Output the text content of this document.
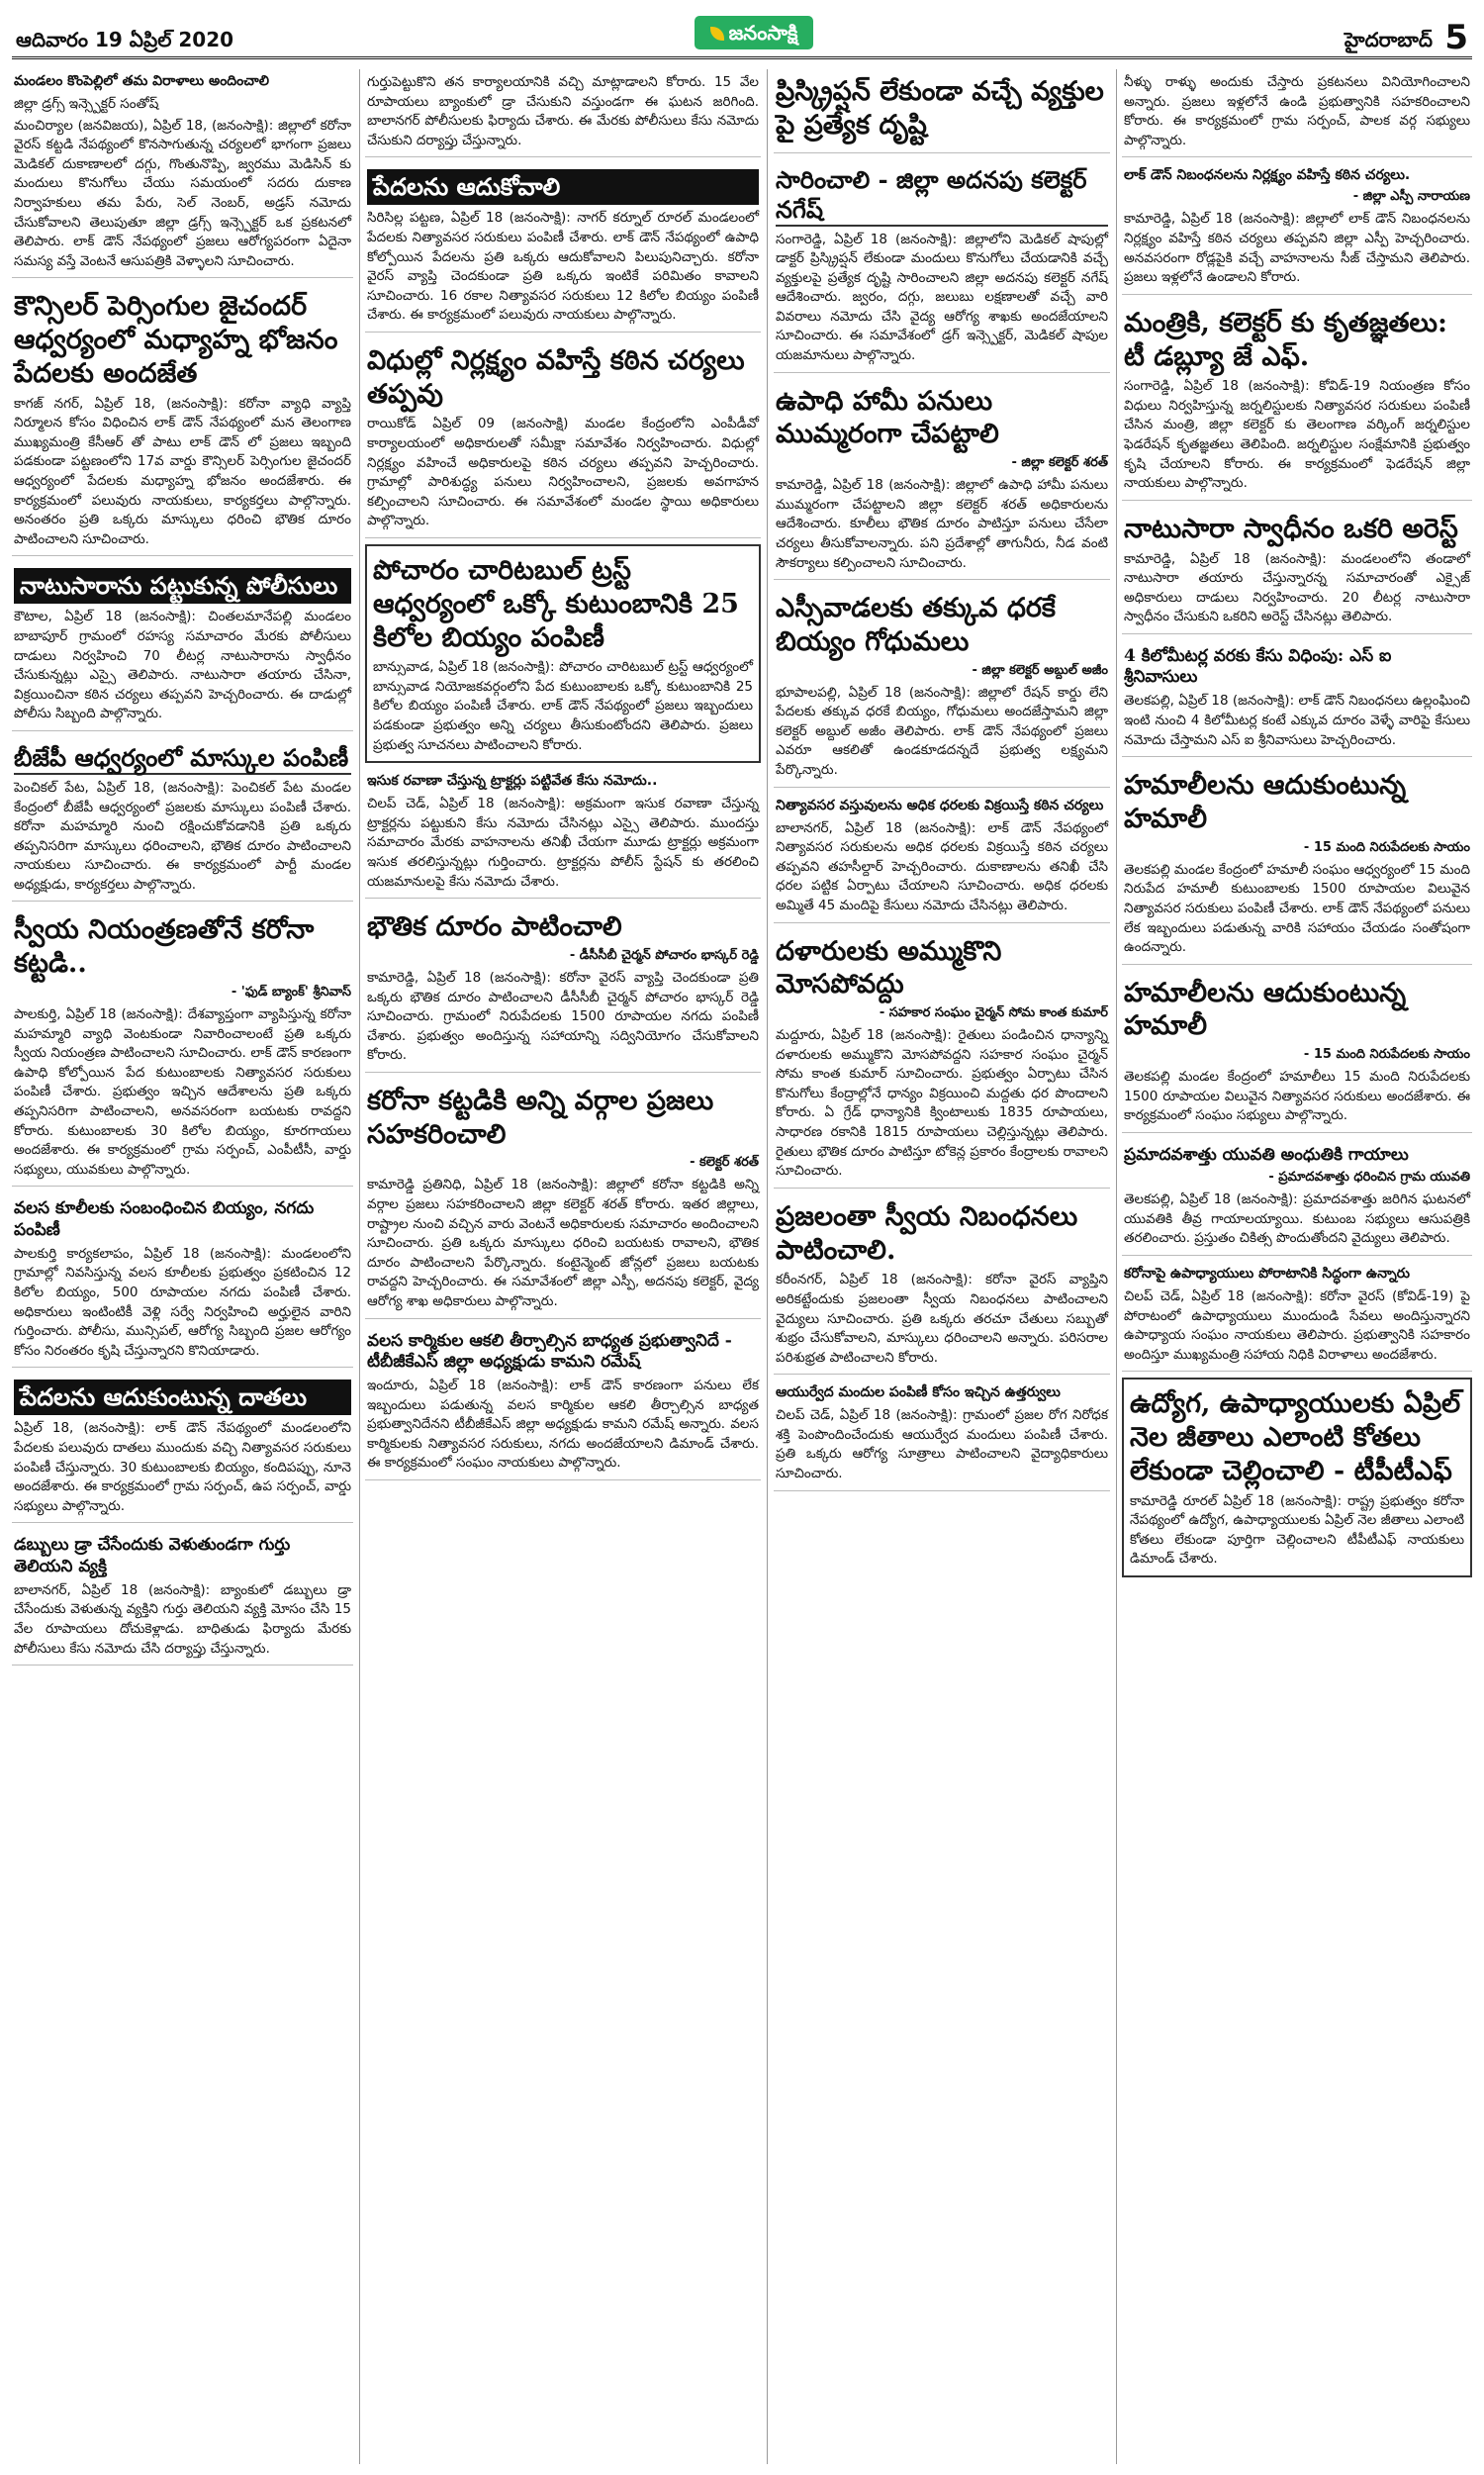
ఆదివారం 19 ఏప్రిల్ 2020	జనంసాక్షి	హైదరాబాద్ 5
మండలం కొంపెల్లిలో తమ విరాళాలు అందించాలి

జిల్లా డ్రగ్స్ ఇన్స్పెక్టర్ సంతోష్

మంచిర్యాల (జనవిజయ), ఏప్రిల్ 18, (జనంసాక్షి): జిల్లాలో కరోనా వైరస్ కట్టడి నేపథ్యంలో కొనసాగుతున్న చర్యలలో భాగంగా ప్రజలు మెడికల్ దుకాణాలలో దగ్గు, గొంతునొప్పి, జ్వరము మెడిసిన్ కు మందులు కొనుగోలు చేయు సమయంలో సదరు దుకాణ నిర్వాహకులు తమ పేరు, సెల్ నెంబర్, అడ్రస్ నమోదు చేసుకోవాలని తెలుపుతూ జిల్లా డ్రగ్స్ ఇన్స్పెక్టర్ ఒక ప్రకటనలో తెలిపారు. లాక్ డౌన్ నేపథ్యంలో ప్రజలు ఆరోగ్యపరంగా ఏదైనా సమస్య వస్తే వెంటనే ఆసుపత్రికి వెళ్ళాలని సూచించారు.

కౌన్సిలర్ పెర్సింగుల జైచందర్ ఆధ్వర్యంలో మధ్యాహ్న భోజనం పేదలకు అందజేత

కాగజ్ నగర్, ఏప్రిల్ 18, (జనంసాక్షి): కరోనా వ్యాధి వ్యాప్తి నిర్మూలన కోసం విధించిన లాక్ డౌన్ నేపథ్యంలో మన తెలంగాణ ముఖ్యమంత్రి కేసీఆర్ తో పాటు లాక్ డౌన్ లో ప్రజలు ఇబ్బంది పడకుండా పట్టణంలోని 17వ వార్డు కౌన్సిలర్ పెర్సింగుల జైచందర్ ఆధ్వర్యంలో పేదలకు మధ్యాహ్న భోజనం అందజేశారు. ఈ కార్యక్రమంలో పలువురు నాయకులు, కార్యకర్తలు పాల్గొన్నారు. అనంతరం ప్రతి ఒక్కరు మాస్కులు ధరించి భౌతిక దూరం పాటించాలని సూచించారు.

నాటుసారాను పట్టుకున్న పోలీసులు

కౌటాల, ఏప్రిల్ 18 (జనంసాక్షి): చింతలమానేపల్లి మండలం బాబాపూర్ గ్రామంలో రహస్య సమాచారం మేరకు పోలీసులు దాడులు నిర్వహించి 70 లీటర్ల నాటుసారాను స్వాధీనం చేసుకున్నట్లు ఎస్సై తెలిపారు. నాటుసారా తయారు చేసినా, విక్రయించినా కఠిన చర్యలు తప్పవని హెచ్చరించారు. ఈ దాడుల్లో పోలీసు సిబ్బంది పాల్గొన్నారు.

బీజేపీ ఆధ్వర్యంలో మాస్కుల పంపిణీ

పెంచికల్ పేట, ఏప్రిల్ 18, (జనంసాక్షి): పెంచికల్ పేట మండల కేంద్రంలో బీజేపీ ఆధ్వర్యంలో ప్రజలకు మాస్కులు పంపిణీ చేశారు. కరోనా మహమ్మారి నుంచి రక్షించుకోవడానికి ప్రతి ఒక్కరు తప్పనిసరిగా మాస్కులు ధరించాలని, భౌతిక దూరం పాటించాలని నాయకులు సూచించారు. ఈ కార్యక్రమంలో పార్టీ మండల అధ్యక్షుడు, కార్యకర్తలు పాల్గొన్నారు.

స్వీయ నియంత్రణతోనే కరోనా కట్టడి..
- 'ఫుడ్ బ్యాంక్' శ్రీనివాస్

పాలకుర్తి, ఏప్రిల్ 18 (జనంసాక్షి): దేశవ్యాప్తంగా వ్యాపిస్తున్న కరోనా మహమ్మారి వ్యాధి వెంటకుండా నివారించాలంటే ప్రతి ఒక్కరు స్వీయ నియంత్రణ పాటించాలని సూచించారు. లాక్ డౌన్ కారణంగా ఉపాధి కోల్పోయిన పేద కుటుంబాలకు నిత్యావసర సరుకులు పంపిణీ చేశారు. ప్రభుత్వం ఇచ్చిన ఆదేశాలను ప్రతి ఒక్కరు తప్పనిసరిగా పాటించాలని, అనవసరంగా బయటకు రావద్దని కోరారు. కుటుంబాలకు 30 కిలోల బియ్యం, కూరగాయలు అందజేశారు. ఈ కార్యక్రమంలో గ్రామ సర్పంచ్, ఎంపీటీసీ, వార్డు సభ్యులు, యువకులు పాల్గొన్నారు.

వలస కూలీలకు సంబంధించిన బియ్యం, నగదు పంపిణీ

పాలకుర్తి కార్యకలాపం, ఏప్రిల్ 18 (జనంసాక్షి): మండలంలోని గ్రామాల్లో నివసిస్తున్న వలస కూలీలకు ప్రభుత్వం ప్రకటించిన 12 కిలోల బియ్యం, 500 రూపాయల నగదు పంపిణీ చేశారు. అధికారులు ఇంటింటికీ వెళ్లి సర్వే నిర్వహించి అర్హులైన వారిని గుర్తించారు. పోలీసు, మున్సిపల్, ఆరోగ్య సిబ్బంది ప్రజల ఆరోగ్యం కోసం నిరంతరం కృషి చేస్తున్నారని కొనియాడారు.

పేదలను ఆదుకుంటున్న దాతలు

ఏప్రిల్ 18, (జనంసాక్షి): లాక్ డౌన్ నేపథ్యంలో మండలంలోని పేదలకు పలువురు దాతలు ముందుకు వచ్చి నిత్యావసర సరుకులు పంపిణీ చేస్తున్నారు. 30 కుటుంబాలకు బియ్యం, కందిపప్పు, నూనె అందజేశారు. ఈ కార్యక్రమంలో గ్రామ సర్పంచ్, ఉప సర్పంచ్, వార్డు సభ్యులు పాల్గొన్నారు.

డబ్బులు డ్రా చేసేందుకు వెళుతుండగా గుర్తు తెలియని వ్యక్తి

బాలానగర్, ఏప్రిల్ 18 (జనంసాక్షి): బ్యాంకులో డబ్బులు డ్రా చేసేందుకు వెళుతున్న వ్యక్తిని గుర్తు తెలియని వ్యక్తి మోసం చేసి 15 వేల రూపాయలు దోచుకెళ్లాడు. బాధితుడు ఫిర్యాదు మేరకు పోలీసులు కేసు నమోదు చేసి దర్యాప్తు చేస్తున్నారు.

గుర్తుపెట్టుకొని తన కార్యాలయానికి వచ్చి మాట్లాడాలని కోరారు. 15 వేల రూపాయలు బ్యాంకులో డ్రా చేసుకుని వస్తుండగా ఈ ఘటన జరిగింది. బాలానగర్ పోలీసులకు ఫిర్యాదు చేశారు. ఈ మేరకు పోలీసులు కేసు నమోదు చేసుకుని దర్యాప్తు చేస్తున్నారు.

పేదలను ఆదుకోవాలి

సిరిసిల్ల పట్టణ, ఏప్రిల్ 18 (జనంసాక్షి): నాగర్ కర్నూల్ రూరల్ మండలంలో పేదలకు నిత్యావసర సరుకులు పంపిణీ చేశారు. లాక్ డౌన్ నేపథ్యంలో ఉపాధి కోల్పోయిన పేదలను ప్రతి ఒక్కరు ఆదుకోవాలని పిలుపునిచ్చారు. కరోనా వైరస్ వ్యాప్తి చెందకుండా ప్రతి ఒక్కరు ఇంటికే పరిమితం కావాలని సూచించారు. 16 రకాల నిత్యావసర సరుకులు 12 కిలోల బియ్యం పంపిణీ చేశారు. ఈ కార్యక్రమంలో పలువురు నాయకులు పాల్గొన్నారు.

విధుల్లో నిర్లక్ష్యం వహిస్తే కఠిన చర్యలు తప్పవు

రాయికోడ్ ఏప్రిల్ 09 (జనంసాక్షి) మండల కేంద్రంలోని ఎంపీడీవో కార్యాలయంలో అధికారులతో సమీక్షా సమావేశం నిర్వహించారు. విధుల్లో నిర్లక్ష్యం వహించే అధికారులపై కఠిన చర్యలు తప్పవని హెచ్చరించారు. గ్రామాల్లో పారిశుద్ధ్య పనులు నిర్వహించాలని, ప్రజలకు అవగాహన కల్పించాలని సూచించారు. ఈ సమావేశంలో మండల స్థాయి అధికారులు పాల్గొన్నారు.

పోచారం చారిటబుల్ ట్రస్ట్ ఆధ్వర్యంలో ఒక్కో కుటుంబానికి 25 కిలోల బియ్యం పంపిణీ

బాన్సువాడ, ఏప్రిల్ 18 (జనంసాక్షి): పోచారం చారిటబుల్ ట్రస్ట్ ఆధ్వర్యంలో బాన్సువాడ నియోజకవర్గంలోని పేద కుటుంబాలకు ఒక్కో కుటుంబానికి 25 కిలోల బియ్యం పంపిణీ చేశారు. లాక్ డౌన్ నేపథ్యంలో ప్రజలు ఇబ్బందులు పడకుండా ప్రభుత్వం అన్ని చర్యలు తీసుకుంటోందని తెలిపారు. ప్రజలు ప్రభుత్వ సూచనలు పాటించాలని కోరారు.

ఇసుక రవాణా చేస్తున్న ట్రాక్టర్లు పట్టివేత కేసు నమోదు..

చిలప్ చెడ్, ఏప్రిల్ 18 (జనంసాక్షి): అక్రమంగా ఇసుక రవాణా చేస్తున్న ట్రాక్టర్లను పట్టుకుని కేసు నమోదు చేసినట్లు ఎస్సై తెలిపారు. ముందస్తు సమాచారం మేరకు వాహనాలను తనిఖీ చేయగా మూడు ట్రాక్టర్లు అక్రమంగా ఇసుక తరలిస్తున్నట్లు గుర్తించారు. ట్రాక్టర్లను పోలీస్ స్టేషన్ కు తరలించి యజమానులపై కేసు నమోదు చేశారు.

భౌతిక దూరం పాటించాలి
- డీసీసీబీ చైర్మన్ పోచారం భాస్కర్ రెడ్డి

కామారెడ్డి, ఏప్రిల్ 18 (జనంసాక్షి): కరోనా వైరస్ వ్యాప్తి చెందకుండా ప్రతి ఒక్కరు భౌతిక దూరం పాటించాలని డీసీసీబీ చైర్మన్ పోచారం భాస్కర్ రెడ్డి సూచించారు. గ్రామంలో నిరుపేదలకు 1500 రూపాయల నగదు పంపిణీ చేశారు. ప్రభుత్వం అందిస్తున్న సహాయాన్ని సద్వినియోగం చేసుకోవాలని కోరారు.

కరోనా కట్టడికి అన్ని వర్గాల ప్రజలు సహకరించాలి
- కలెక్టర్ శరత్

కామారెడ్డి ప్రతినిధి, ఏప్రిల్ 18 (జనంసాక్షి): జిల్లాలో కరోనా కట్టడికి అన్ని వర్గాల ప్రజలు సహకరించాలని జిల్లా కలెక్టర్ శరత్ కోరారు. ఇతర జిల్లాలు, రాష్ట్రాల నుంచి వచ్చిన వారు వెంటనే అధికారులకు సమాచారం అందించాలని సూచించారు. ప్రతి ఒక్కరు మాస్కులు ధరించి బయటకు రావాలని, భౌతిక దూరం పాటించాలని పేర్కొన్నారు. కంటైన్మెంట్ జోన్లలో ప్రజలు బయటకు రావద్దని హెచ్చరించారు. ఈ సమావేశంలో జిల్లా ఎస్పీ, అదనపు కలెక్టర్, వైద్య ఆరోగ్య శాఖ అధికారులు పాల్గొన్నారు.

వలస కార్మికుల ఆకలి తీర్చాల్సిన బాధ్యత ప్రభుత్వానిదే - టీబీజీకేఎస్ జిల్లా అధ్యక్షుడు కామని రమేష్

ఇందూరు, ఏప్రిల్ 18 (జనంసాక్షి): లాక్ డౌన్ కారణంగా పనులు లేక ఇబ్బందులు పడుతున్న వలస కార్మికుల ఆకలి తీర్చాల్సిన బాధ్యత ప్రభుత్వానిదేనని టీబీజీకేఎస్ జిల్లా అధ్యక్షుడు కామని రమేష్ అన్నారు. వలస కార్మికులకు నిత్యావసర సరుకులు, నగదు అందజేయాలని డిమాండ్ చేశారు. ఈ కార్యక్రమంలో సంఘం నాయకులు పాల్గొన్నారు.

ప్రిస్క్రిప్షన్ లేకుండా వచ్చే వ్యక్తుల పై ప్రత్యేక దృష్టి
సారించాలి - జిల్లా అదనపు కలెక్టర్ నగేష్

సంగారెడ్డి, ఏప్రిల్ 18 (జనంసాక్షి): జిల్లాలోని మెడికల్ షాపుల్లో డాక్టర్ ప్రిస్క్రిప్షన్ లేకుండా మందులు కొనుగోలు చేయడానికి వచ్చే వ్యక్తులపై ప్రత్యేక దృష్టి సారించాలని జిల్లా అదనపు కలెక్టర్ నగేష్ ఆదేశించారు. జ్వరం, దగ్గు, జలుబు లక్షణాలతో వచ్చే వారి వివరాలు నమోదు చేసి వైద్య ఆరోగ్య శాఖకు అందజేయాలని సూచించారు. ఈ సమావేశంలో డ్రగ్ ఇన్స్పెక్టర్, మెడికల్ షాపుల యజమానులు పాల్గొన్నారు.

ఉపాధి హామీ పనులు ముమ్మరంగా చేపట్టాలి
- జిల్లా కలెక్టర్ శరత్

కామారెడ్డి, ఏప్రిల్ 18 (జనంసాక్షి): జిల్లాలో ఉపాధి హామీ పనులు ముమ్మరంగా చేపట్టాలని జిల్లా కలెక్టర్ శరత్ అధికారులను ఆదేశించారు. కూలీలు భౌతిక దూరం పాటిస్తూ పనులు చేసేలా చర్యలు తీసుకోవాలన్నారు. పని ప్రదేశాల్లో తాగునీరు, నీడ వంటి సౌకర్యాలు కల్పించాలని సూచించారు.

ఎస్సీవాడలకు తక్కువ ధరకే బియ్యం గోధుమలు
- జిల్లా కలెక్టర్ అబ్దుల్ అజీం

భూపాలపల్లి, ఏప్రిల్ 18 (జనంసాక్షి): జిల్లాలో రేషన్ కార్డు లేని పేదలకు తక్కువ ధరకే బియ్యం, గోధుమలు అందజేస్తామని జిల్లా కలెక్టర్ అబ్దుల్ అజీం తెలిపారు. లాక్ డౌన్ నేపథ్యంలో ప్రజలు ఎవరూ ఆకలితో ఉండకూడదన్నదే ప్రభుత్వ లక్ష్యమని పేర్కొన్నారు.

నిత్యావసర వస్తువులను అధిక ధరలకు విక్రయిస్తే కఠిన చర్యలు

బాలానగర్, ఏప్రిల్ 18 (జనంసాక్షి): లాక్ డౌన్ నేపథ్యంలో నిత్యావసర సరుకులను అధిక ధరలకు విక్రయిస్తే కఠిన చర్యలు తప్పవని తహసీల్దార్ హెచ్చరించారు. దుకాణాలను తనిఖీ చేసి ధరల పట్టిక ఏర్పాటు చేయాలని సూచించారు. అధిక ధరలకు అమ్మితే 45 మందిపై కేసులు నమోదు చేసినట్లు తెలిపారు.

దళారులకు అమ్ముకొని మోసపోవద్దు
- సహకార సంఘం చైర్మన్ సోమ కాంత కుమార్

మద్దూరు, ఏప్రిల్ 18 (జనంసాక్షి): రైతులు పండించిన ధాన్యాన్ని దళారులకు అమ్ముకొని మోసపోవద్దని సహకార సంఘం చైర్మన్ సోమ కాంత కుమార్ సూచించారు. ప్రభుత్వం ఏర్పాటు చేసిన కొనుగోలు కేంద్రాల్లోనే ధాన్యం విక్రయించి మద్దతు ధర పొందాలని కోరారు. ఏ గ్రేడ్ ధాన్యానికి క్వింటాలుకు 1835 రూపాయలు, సాధారణ రకానికి 1815 రూపాయలు చెల్లిస్తున్నట్లు తెలిపారు. రైతులు భౌతిక దూరం పాటిస్తూ టోకెన్ల ప్రకారం కేంద్రాలకు రావాలని సూచించారు.

ప్రజలంతా స్వీయ నిబంధనలు పాటించాలి.

కరీంనగర్, ఏప్రిల్ 18 (జనంసాక్షి): కరోనా వైరస్ వ్యాప్తిని అరికట్టేందుకు ప్రజలంతా స్వీయ నిబంధనలు పాటించాలని వైద్యులు సూచించారు. ప్రతి ఒక్కరు తరచూ చేతులు సబ్బుతో శుభ్రం చేసుకోవాలని, మాస్కులు ధరించాలని అన్నారు. పరిసరాల పరిశుభ్రత పాటించాలని కోరారు.

ఆయుర్వేద మందుల పంపిణీ కోసం ఇచ్చిన ఉత్తర్వులు

చిలప్ చెడ్, ఏప్రిల్ 18 (జనంసాక్షి): గ్రామంలో ప్రజల రోగ నిరోధక శక్తి పెంపొందించేందుకు ఆయుర్వేద మందులు పంపిణీ చేశారు. ప్రతి ఒక్కరు ఆరోగ్య సూత్రాలు పాటించాలని వైద్యాధికారులు సూచించారు.

నీళ్ళు రాళ్ళు అందుకు చేస్తారు ప్రకటనలు వినియోగించాలని అన్నారు. ప్రజలు ఇళ్లలోనే ఉండి ప్రభుత్వానికి సహకరించాలని కోరారు. ఈ కార్యక్రమంలో గ్రామ సర్పంచ్, పాలక వర్గ సభ్యులు పాల్గొన్నారు.

లాక్ డౌన్ నిబంధనలను నిర్లక్ష్యం వహిస్తే కఠిన చర్యలు.
- జిల్లా ఎస్పీ నారాయణ

కామారెడ్డి, ఏప్రిల్ 18 (జనంసాక్షి): జిల్లాలో లాక్ డౌన్ నిబంధనలను నిర్లక్ష్యం వహిస్తే కఠిన చర్యలు తప్పవని జిల్లా ఎస్పీ హెచ్చరించారు. అనవసరంగా రోడ్లపైకి వచ్చే వాహనాలను సీజ్ చేస్తామని తెలిపారు. ప్రజలు ఇళ్లలోనే ఉండాలని కోరారు.

మంత్రికి, కలెక్టర్ కు కృతజ్ఞతలు: టీ డబ్ల్యూ జే ఎఫ్.

సంగారెడ్డి, ఏప్రిల్ 18 (జనంసాక్షి): కోవిడ్-19 నియంత్రణ కోసం విధులు నిర్వహిస్తున్న జర్నలిస్టులకు నిత్యావసర సరుకులు పంపిణీ చేసిన మంత్రి, జిల్లా కలెక్టర్ కు తెలంగాణ వర్కింగ్ జర్నలిస్టుల ఫెడరేషన్ కృతజ్ఞతలు తెలిపింది. జర్నలిస్టుల సంక్షేమానికి ప్రభుత్వం కృషి చేయాలని కోరారు. ఈ కార్యక్రమంలో ఫెడరేషన్ జిల్లా నాయకులు పాల్గొన్నారు.

నాటుసారా స్వాధీనం ఒకరి అరెస్ట్

కామారెడ్డి, ఏప్రిల్ 18 (జనంసాక్షి): మండలంలోని తండాలో నాటుసారా తయారు చేస్తున్నారన్న సమాచారంతో ఎక్సైజ్ అధికారులు దాడులు నిర్వహించారు. 20 లీటర్ల నాటుసారా స్వాధీనం చేసుకుని ఒకరిని అరెస్ట్ చేసినట్లు తెలిపారు.

4 కిలోమీటర్ల వరకు కేసు విధింపు: ఎస్ ఐ శ్రీనివాసులు

తెలకపల్లి, ఏప్రిల్ 18 (జనంసాక్షి): లాక్ డౌన్ నిబంధనలు ఉల్లంఘించి ఇంటి నుంచి 4 కిలోమీటర్ల కంటే ఎక్కువ దూరం వెళ్ళే వారిపై కేసులు నమోదు చేస్తామని ఎస్ ఐ శ్రీనివాసులు హెచ్చరించారు.

హమాలీలను ఆదుకుంటున్న హమాలీ
- 15 మంది నిరుపేదలకు సాయం

తెలకపల్లి మండల కేంద్రంలో హమాలీ సంఘం ఆధ్వర్యంలో 15 మంది నిరుపేద హమాలీ కుటుంబాలకు 1500 రూపాయల విలువైన నిత్యావసర సరుకులు పంపిణీ చేశారు. లాక్ డౌన్ నేపథ్యంలో పనులు లేక ఇబ్బందులు పడుతున్న వారికి సహాయం చేయడం సంతోషంగా ఉందన్నారు.

హమాలీలను ఆదుకుంటున్న హమాలీ
- 15 మంది నిరుపేదలకు సాయం

తెలకపల్లి మండల కేంద్రంలో హమాలీలు 15 మంది నిరుపేదలకు 1500 రూపాయల విలువైన నిత్యావసర సరుకులు అందజేశారు. ఈ కార్యక్రమంలో సంఘం సభ్యులు పాల్గొన్నారు.

ప్రమాదవశాత్తు యువతి అంధుతికి గాయాలు
- ప్రమాదవశాత్తు ధరించిన గ్రామ యువతి

తెలకపల్లి, ఏప్రిల్ 18 (జనంసాక్షి): ప్రమాదవశాత్తు జరిగిన ఘటనలో యువతికి తీవ్ర గాయాలయ్యాయి. కుటుంబ సభ్యులు ఆసుపత్రికి తరలించారు. ప్రస్తుతం చికిత్స పొందుతోందని వైద్యులు తెలిపారు.

కరోనాపై ఉపాధ్యాయులు పోరాటానికి సిద్ధంగా ఉన్నారు

చిలప్ చెడ్, ఏప్రిల్ 18 (జనంసాక్షి): కరోనా వైరస్ (కోవిడ్-19) పై పోరాటంలో ఉపాధ్యాయులు ముందుండి సేవలు అందిస్తున్నారని ఉపాధ్యాయ సంఘం నాయకులు తెలిపారు. ప్రభుత్వానికి సహకారం అందిస్తూ ముఖ్యమంత్రి సహాయ నిధికి విరాళాలు అందజేశారు.

ఉద్యోగ, ఉపాధ్యాయులకు ఏప్రిల్ నెల జీతాలు ఎలాంటి కోతలు లేకుండా చెల్లించాలి - టీపీటీఎఫ్

కామారెడ్డి రూరల్ ఏప్రిల్ 18 (జనంసాక్షి): రాష్ట్ర ప్రభుత్వం కరోనా నేపథ్యంలో ఉద్యోగ, ఉపాధ్యాయులకు ఏప్రిల్ నెల జీతాలు ఎలాంటి కోతలు లేకుండా పూర్తిగా చెల్లించాలని టీపీటీఎఫ్ నాయకులు డిమాండ్ చేశారు.
